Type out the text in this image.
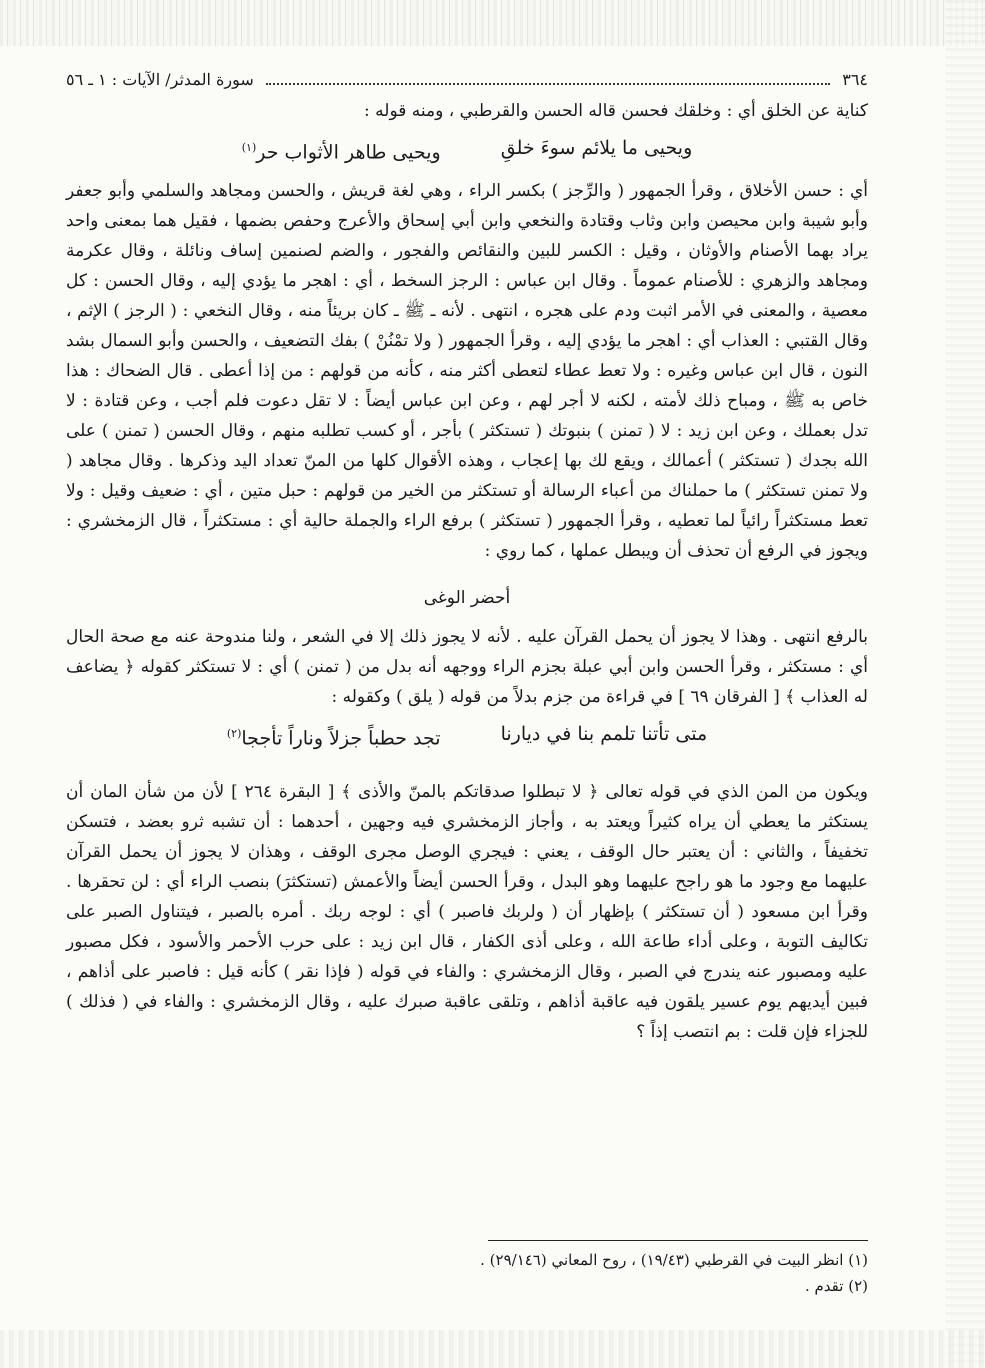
٣٦٤
سورة المدثر/ الآيات : ١ ـ ٥٦

كناية عن الخلق أي : وخلقك فحسن قاله الحسن والقرطبي ، ومنه قوله :

ويحيى ما يلائم سوءَ خلقِ
ويحيى طاهر الأثواب حر$^{(١)}$

أي : حسن الأخلاق ، وقرأ الجمهور ( والرِّجز ) بكسر الراء ، وهي لغة قريش ، والحسن ومجاهد والسلمي وأبو جعفر وأبو شيبة وابن محيصن وابن وثاب وقتادة والنخعي وابن أبي إسحاق والأعرج وحفص بضمها ، فقيل هما بمعنى واحد يراد بهما الأصنام والأوثان ، وقيل : الكسر للبين والنقائص والفجور ، والضم لصنمين إساف ونائلة ، وقال عكرمة ومجاهد والزهري : للأصنام عموماً . وقال ابن عباس : الرجز السخط ، أي : اهجر ما يؤدي إليه ، وقال الحسن : كل معصية ، والمعنى في الأمر اثبت ودم على هجره ، انتهى . لأنه ـ ﷺ ـ كان بريئاً منه ، وقال النخعي : ( الرجز ) الإثم ، وقال القتبي : العذاب أي : اهجر ما يؤدي إليه ، وقرأ الجمهور ( ولا تمْنُنْ ) بفك التضعيف ، والحسن وأبو السمال بشد النون ، قال ابن عباس وغيره : ولا تعط عطاء لتعطى أكثر منه ، كأنه من قولهم : من إذا أعطى . قال الضحاك : هذا خاص به ﷺ ، ومباح ذلك لأمته ، لكنه لا أجر لهم ، وعن ابن عباس أيضاً : لا تقل دعوت فلم أجب ، وعن قتادة : لا تدل بعملك ، وعن ابن زيد : لا ( تمنن ) بنبوتك ( تستكثر ) بأجر ، أو كسب تطلبه منهم ، وقال الحسن ( تمنن ) على الله بجدك ( تستكثر ) أعمالك ، ويقع لك بها إعجاب ، وهذه الأقوال كلها من المنّ تعداد اليد وذكرها . وقال مجاهد ( ولا تمنن تستكثر ) ما حملناك من أعباء الرسالة أو تستكثر من الخير من قولهم : حبل متين ، أي : ضعيف وقيل : ولا تعط مستكثراً رائياً لما تعطيه ، وقرأ الجمهور ( تستكثر ) برفع الراء والجملة حالية أي : مستكثراً ، قال الزمخشري : ويجوز في الرفع أن تحذف أن ويبطل عملها ، كما روي :

أحضر الوغى

بالرفع انتهى . وهذا لا يجوز أن يحمل القرآن عليه . لأنه لا يجوز ذلك إلا في الشعر ، ولنا مندوحة عنه مع صحة الحال أي : مستكثر ، وقرأ الحسن وابن أبي عبلة بجزم الراء ووجهه أنه بدل من ( تمنن ) أي : لا تستكثر كقوله ﴿ يضاعف له العذاب ﴾ [ الفرقان ٦٩ ] في قراءة من جزم بدلاً من قوله ( يلق ) وكقوله :

متى تأتنا تلمم بنا في ديارنا
تجد حطباً جزلاً وناراً تأججا$^{(٢)}$

ويكون من المن الذي في قوله تعالى ﴿ لا تبطلوا صدقاتكم بالمنّ والأذى ﴾ [ البقرة ٢٦٤ ] لأن من شأن المان أن يستكثر ما يعطي أن يراه كثيراً ويعتد به ، وأجاز الزمخشري فيه وجهين ، أحدهما : أن تشبه ثرو بعضد ، فتسكن تخفيفاً ، والثاني : أن يعتبر حال الوقف ، يعني : فيجري الوصل مجرى الوقف ، وهذان لا يجوز أن يحمل القرآن عليهما مع وجود ما هو راجح عليهما وهو البدل ، وقرأ الحسن أيضاً والأعمش (تستكثرَ) بنصب الراء أي : لن تحقرها . وقرأ ابن مسعود ( أن تستكثر ) بإظهار أن ( ولربك فاصبر ) أي : لوجه ربك . أمره بالصبر ، فيتناول الصبر على تكاليف التوبة ، وعلى أداء طاعة الله ، وعلى أذى الكفار ، قال ابن زيد : على حرب الأحمر والأسود ، فكل مصبور عليه ومصبور عنه يندرج في الصبر ، وقال الزمخشري : والفاء في قوله ( فإذا نقر ) كأنه قيل : فاصبر على أذاهم ، فبين أيديهم يوم عسير يلقون فيه عاقبة أذاهم ، وتلقى عاقبة صبرك عليه ، وقال الزمخشري : والفاء في ( فذلك ) للجزاء فإن قلت : بم انتصب إذاً ؟

(١) انظر البيت في القرطبي (١٩/٤٣) ، روح المعاني (٢٩/١٤٦) .

(٢) تقدم .
